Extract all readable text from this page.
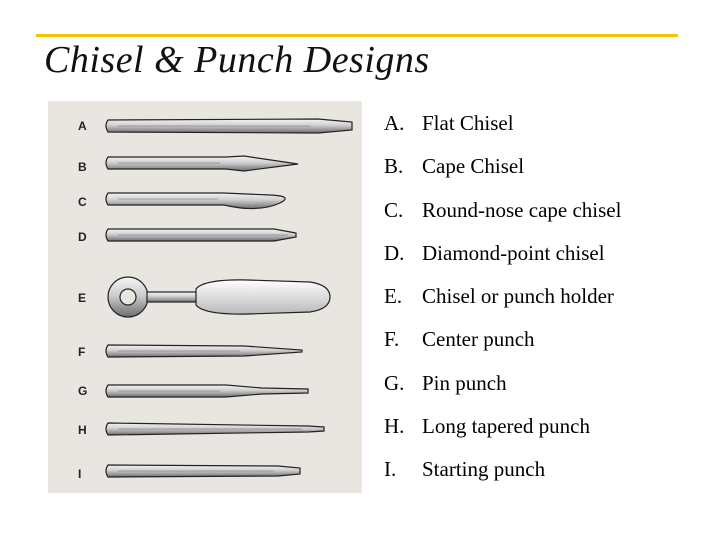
Chisel & Punch Designs
A
B
C
D
E
F
G
H
I
A. Flat Chisel
B. Cape Chisel
C. Round-nose cape chisel
D. Diamond-point chisel
E. Chisel or punch holder
F. Center punch
G. Pin punch
H. Long tapered punch
I. Starting punch
